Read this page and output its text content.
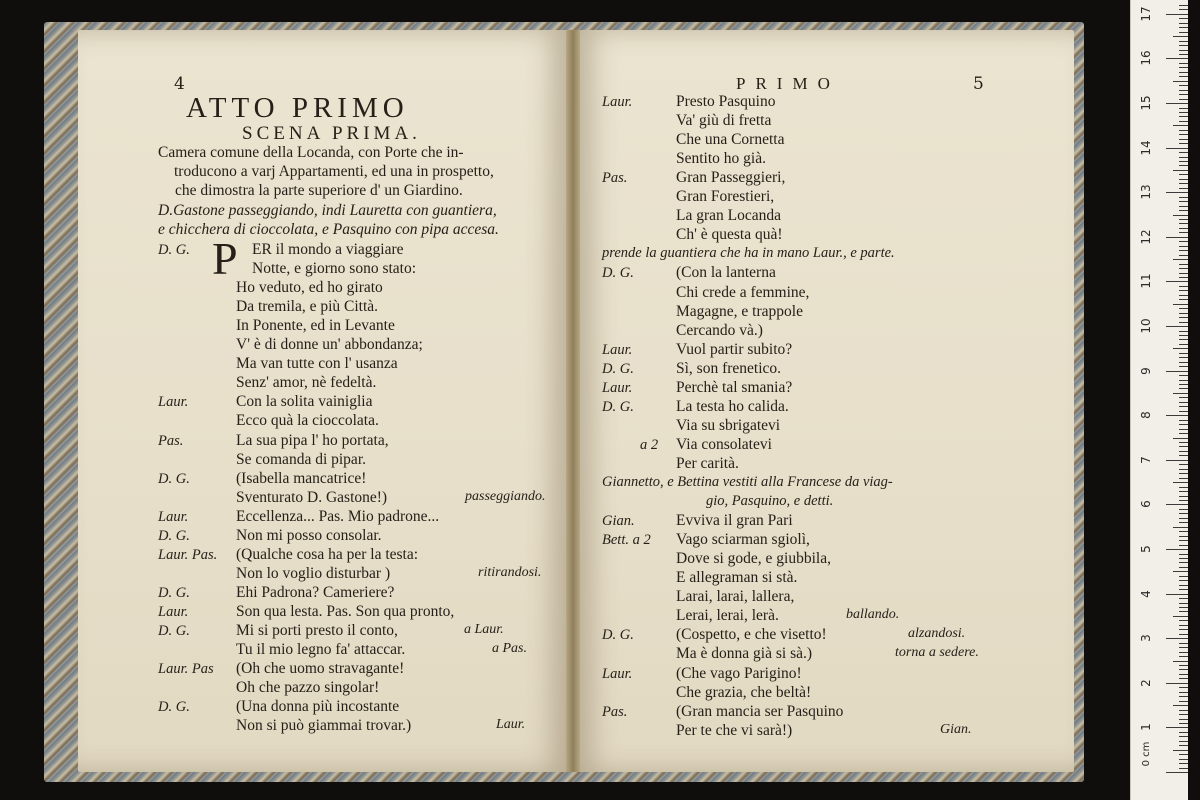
4
ATTO PRIMO
SCENA PRIMA.
Camera comune della Locanda, con Porte che in-
troducono a varj Appartamenti, ed una in prospetto,
che dimostra la parte superiore d' un Giardino.
D.Gastone passeggiando, indi Lauretta con guantiera,
e chicchera di cioccolata, e Pasquino con pipa accesa.
P
D. G.	ER il mondo a viaggiare
Notte, e giorno sono stato:
Ho veduto, ed ho girato
Da tremila, e più Città.
In Ponente, ed in Levante
V' è di donne un' abbondanza;
Ma van tutte con l' usanza
Senz' amor, nè fedeltà.
Laur.	Con la solita vainiglia
Ecco quà la cioccolata.
Pas.	La sua pipa l' ho portata,
Se comanda di pipar.
D. G.	(Isabella mancatrice!
Sventurato D. Gastone!)	passeggiando.
Laur.	Eccellenza... Pas. Mio padrone...
D. G.	Non mi posso consolar.
Laur. Pas. (Qualche cosa ha per la testa:
Non lo voglio disturbar )	ritirandosi.
D. G.	Ehi Padrona? Cameriere?
Laur.	Son qua lesta. Pas. Son qua pronto,
D. G.	Mi si porti presto il conto,	a Laur.
Tu il mio legno fa' attaccar.	a Pas.
Laur. Pas (Oh che uomo stravagante!
Oh che pazzo singolar!
D. G.	(Una donna più incostante
Non si può giammai trovar.)	Laur.
PRIMO	5
Laur.	Presto Pasquino
Va' giù di fretta
Che una Cornetta
Sentito ho già.
Pas.	Gran Passeggieri,
Gran Forestieri,
La gran Locanda
Ch' è questa quà!
prende la guantiera che ha in mano Laur., e parte.
D. G.	(Con la lanterna
Chi crede a femmine,
Magagne, e trappole
Cercando và.)
Laur.	Vuol partir subito?
D. G.	Sì, son frenetico.
Laur.	Perchè tal smania?
D. G.	La testa ho calida.
Via su sbrigatevi
a 2 Via consolatevi
Per carità.
Giannetto, e Bettina vestiti alla Francese da viag-
gio, Pasquino, e detti.
Gian.	Evviva il gran Pari
Bett. a 2 Vago sciarman sgiolì,
Dove si gode, e giubbila,
E allegraman si stà.
Larai, larai, lallera,
Lerai, lerai, lerà.	ballando.
D. G.	(Cospetto, e che visetto!	alzandosi.
Ma è donna già si sà.)	torna a sedere.
Laur.	(Che vago Parigino!
Che grazia, che beltà!
Pas.	(Gran mancia ser Pasquino
Per te che vi sarà!)	Gian.	1
2
3
4
5
6
7
8
9
10
11
12
13
14
15
16
17
0 cm
